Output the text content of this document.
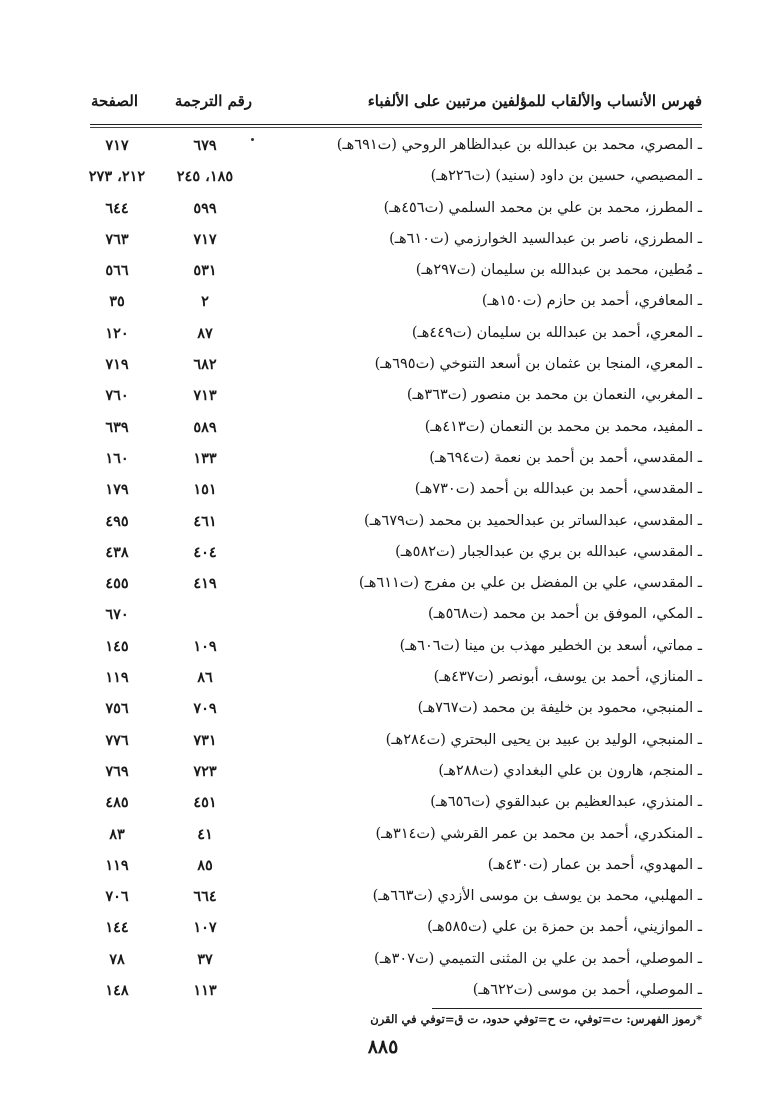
فهرس الأنساب والألقاب للمؤلفين مرتبين على الألفباء
رقم الترجمة
الصفحة
ـ المصري، محمد بن عبدالله بن عبدالظاهر الروحي (ت٦٩١هـ)
٦٧٩
٧١٧
ـ المصيصي، حسين بن داود (سنيد) (ت٢٢٦هـ)
١٨٥، ٢٤٥
٢١٢، ٢٧٣
ـ المطرز، محمد بن علي بن محمد السلمي (ت٤٥٦هـ)
٥٩٩
٦٤٤
ـ المطرزي، ناصر بن عبدالسيد الخوارزمي (ت٦١٠هـ)
٧١٧
٧٦٣
ـ مُطين، محمد بن عبدالله بن سليمان (ت٢٩٧هـ)
٥٣١
٥٦٦
ـ المعافري، أحمد بن حازم (ت١٥٠هـ)
٢
٣٥
ـ المعري، أحمد بن عبدالله بن سليمان (ت٤٤٩هـ)
٨٧
١٢٠
ـ المعري، المنجا بن عثمان بن أسعد التنوخي (ت٦٩٥هـ)
٦٨٢
٧١٩
ـ المغربي، النعمان بن محمد بن منصور (ت٣٦٣هـ)
٧١٣
٧٦٠
ـ المفيد، محمد بن محمد بن النعمان (ت٤١٣هـ)
٥٨٩
٦٣٩
ـ المقدسي، أحمد بن أحمد بن نعمة (ت٦٩٤هـ)
١٣٣
١٦٠
ـ المقدسي، أحمد بن عبدالله بن أحمد (ت٧٣٠هـ)
١٥١
١٧٩
ـ المقدسي، عبدالساتر بن عبدالحميد بن محمد (ت٦٧٩هـ)
٤٦١
٤٩٥
ـ المقدسي، عبدالله بن بري بن عبدالجبار (ت٥٨٢هـ)
٤٠٤
٤٣٨
ـ المقدسي، علي بن المفضل بن علي بن مفرج (ت٦١١هـ)
٤١٩
٤٥٥
ـ المكي، الموفق بن أحمد بن محمد (ت٥٦٨هـ)
٦٧٠
ـ مماتي، أسعد بن الخطير مهذب بن مينا (ت٦٠٦هـ)
١٠٩
١٤٥
ـ المنازي، أحمد بن يوسف، أبونصر (ت٤٣٧هـ)
٨٦
١١٩
ـ المنبجي، محمود بن خليفة بن محمد (ت٧٦٧هـ)
٧٠٩
٧٥٦
ـ المنبجي، الوليد بن عبيد بن يحيى البحتري (ت٢٨٤هـ)
٧٣١
٧٧٦
ـ المنجم، هارون بن علي البغدادي (ت٢٨٨هـ)
٧٢٣
٧٦٩
ـ المنذري، عبدالعظيم بن عبدالقوي (ت٦٥٦هـ)
٤٥١
٤٨٥
ـ المنكدري، أحمد بن محمد بن عمر القرشي (ت٣١٤هـ)
٤١
٨٣
ـ المهدوي، أحمد بن عمار (ت٤٣٠هـ)
٨٥
١١٩
ـ المهلبي، محمد بن يوسف بن موسى الأزدي (ت٦٦٣هـ)
٦٦٤
٧٠٦
ـ الموازيني، أحمد بن حمزة بن علي (ت٥٨٥هـ)
١٠٧
١٤٤
ـ الموصلي، أحمد بن علي بن المثنى التميمي (ت٣٠٧هـ)
٣٧
٧٨
ـ الموصلي، أحمد بن موسى (ت٦٢٢هـ)
١١٣
١٤٨
*رموز الفهرس: ت=توفي، ت ح=توفي حدود، ت ق=توفي في القرن
٨٨٥
